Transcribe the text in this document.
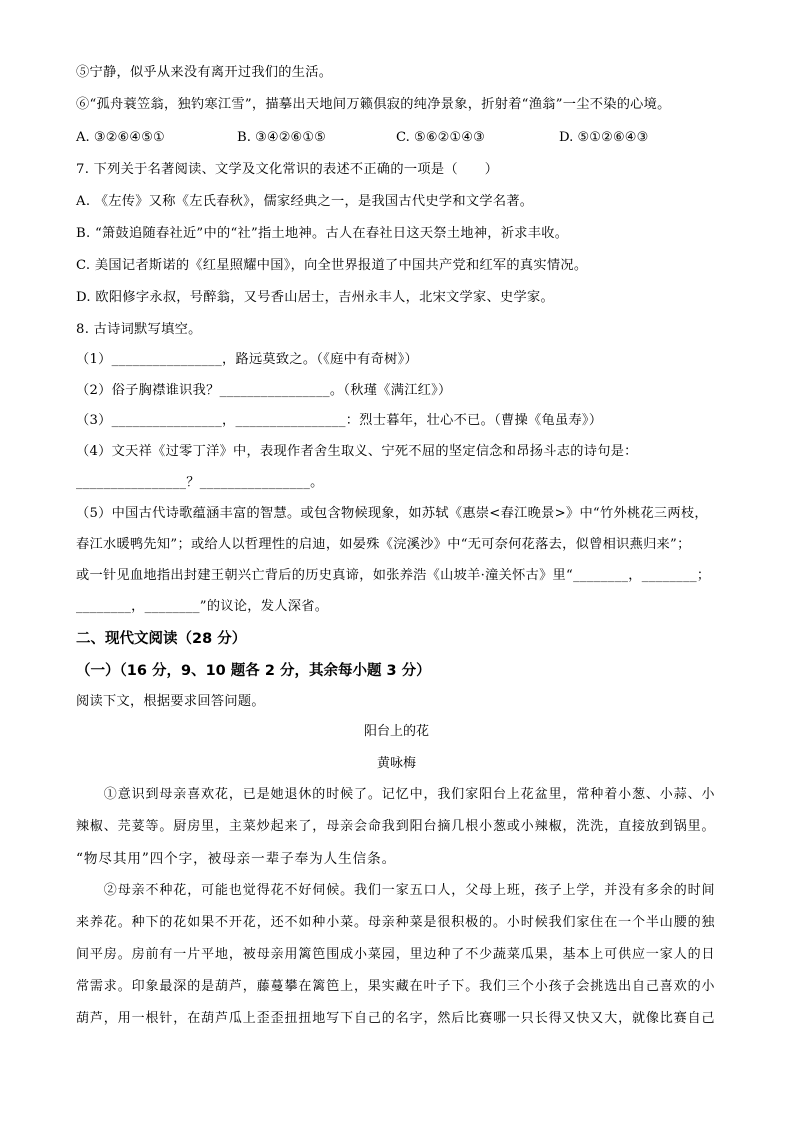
⑤宁静，似乎从来没有离开过我们的生活。
⑥“孤舟蓑笠翁，独钓寒江雪”，描摹出天地间万籁俱寂的纯净景象，折射着“渔翁”一尘不染的心境。
A. ③②⑥④⑤①	B. ③④②⑥①⑤	C. ⑤⑥②①④③	D. ⑤①②⑥④③
7. 下列关于名著阅读、文学及文化常识的表述不正确的一项是（　　）
A. 《左传》又称《左氏春秋》，儒家经典之一，是我国古代史学和文学名著。
B. “箫鼓追随春社近”中的“社”指土地神。古人在春社日这天祭土地神，祈求丰收。
C. 美国记者斯诺的《红星照耀中国》，向全世界报道了中国共产党和红军的真实情况。
D. 欧阳修字永叔，号醉翁，又号香山居士，吉州永丰人，北宋文学家、史学家。
8. 古诗词默写填空。
（1）________________，路远莫致之。（《庭中有奇树》）
（2）俗子胸襟谁识我？________________。（秋瑾《满江红》）
（3）________________，________________：烈士暮年，壮心不已。（曹操《龟虽寿》）
（4）文天祥《过零丁洋》中，表现作者舍生取义、宁死不屈的坚定信念和昂扬斗志的诗句是：
________________？________________。
（5）中国古代诗歌蕴涵丰富的智慧。或包含物候现象，如苏轼《惠崇<春江晚景>》中“竹外桃花三两枝，
春江水暖鸭先知”；或给人以哲理性的启迪，如晏殊《浣溪沙》中“无可奈何花落去，似曾相识燕归来”；
或一针见血地指出封建王朝兴亡背后的历史真谛，如张养浩《山坡羊·潼关怀古》里“________，________；
________，________”的议论，发人深省。
二、现代文阅读（28 分）
（一）（16 分，9、10 题各 2 分，其余每小题 3 分）
阅读下文，根据要求回答问题。
阳台上的花
黄咏梅
　　①意识到母亲喜欢花，已是她退休的时候了。记忆中，我们家阳台上花盆里，常种着小葱、小蒜、小
辣椒、芫荽等。厨房里，主菜炒起来了，母亲会命我到阳台摘几根小葱或小辣椒，洗洗，直接放到锅里。
“物尽其用”四个字，被母亲一辈子奉为人生信条。
　　②母亲不种花，可能也觉得花不好伺候。我们一家五口人，父母上班，孩子上学，并没有多余的时间
来养花。种下的花如果不开花，还不如种小菜。母亲种菜是很积极的。小时候我们家住在一个半山腰的独
间平房。房前有一片平地，被母亲用篱笆围成小菜园，里边种了不少蔬菜瓜果，基本上可供应一家人的日
常需求。印象最深的是葫芦，藤蔓攀在篱笆上，果实藏在叶子下。我们三个小孩子会挑选出自己喜欢的小
葫芦，用一根针，在葫芦瓜上歪歪扭扭地写下自己的名字，然后比赛哪一只长得又快又大，就像比赛自己
